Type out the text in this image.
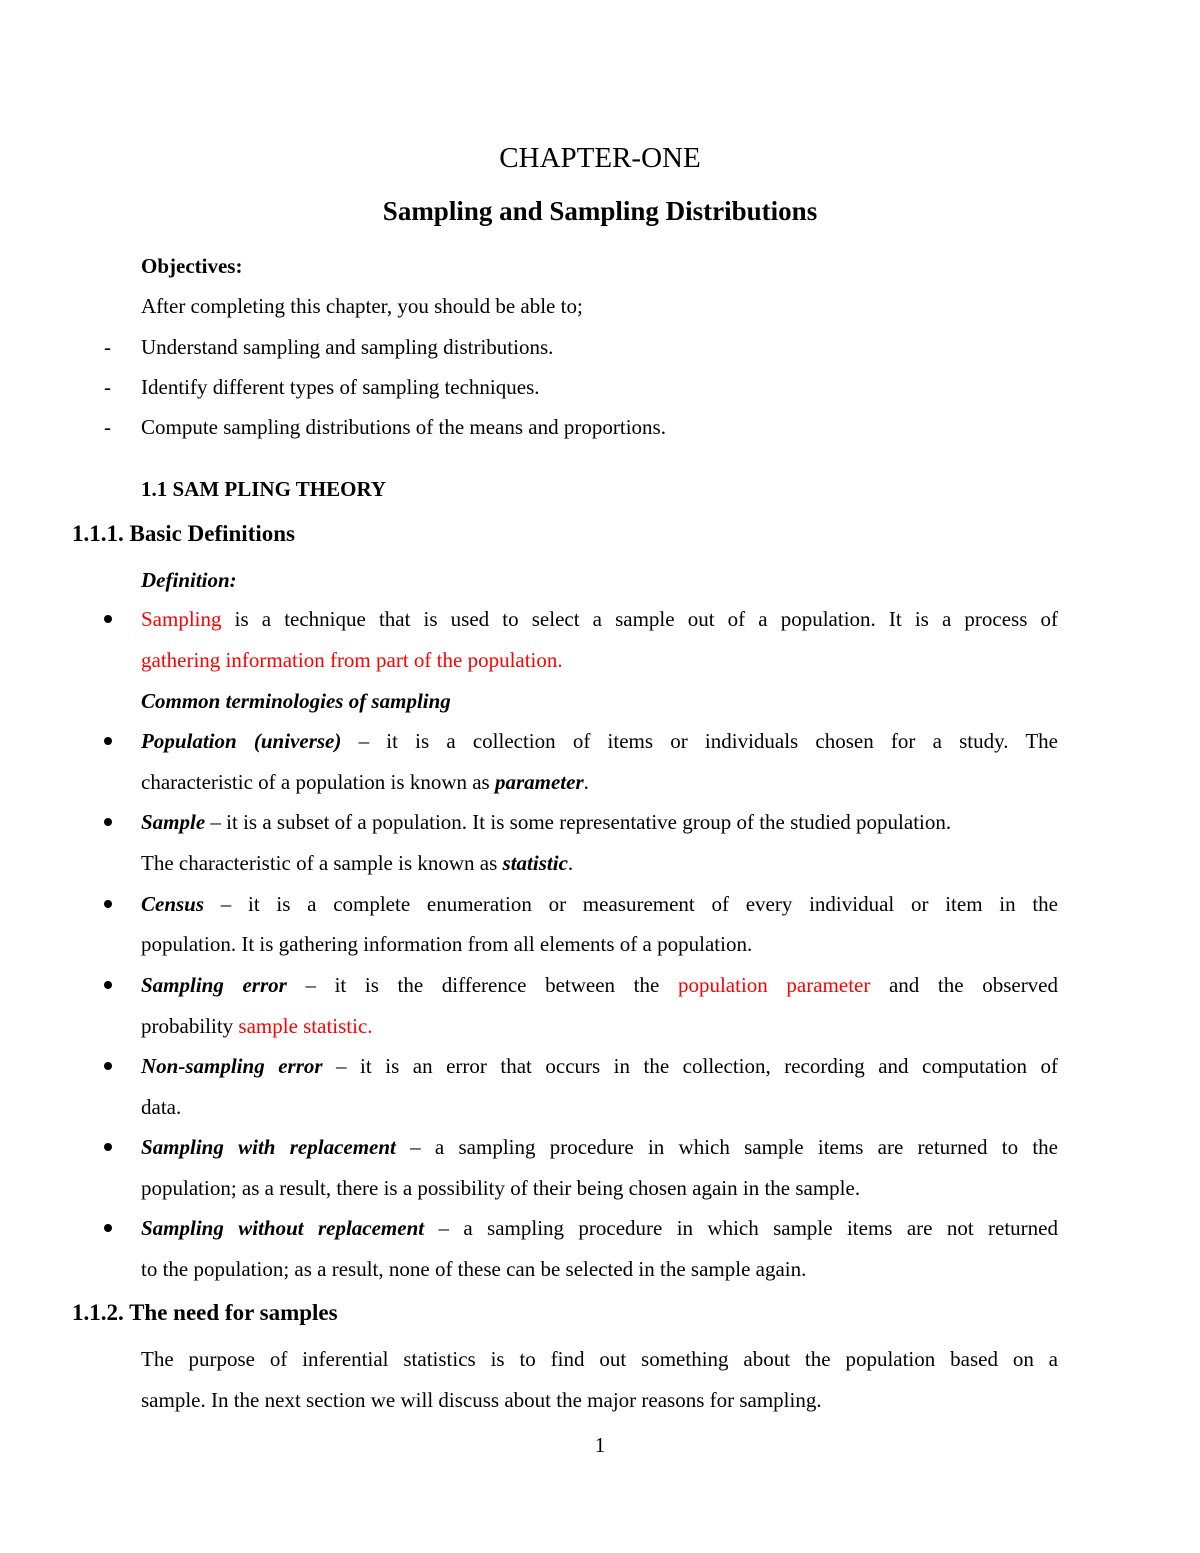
CHAPTER-ONE
Sampling and Sampling Distributions
Objectives:
After completing this chapter, you should be able to;
- Understand sampling and sampling distributions.
- Identify different types of sampling techniques.
- Compute sampling distributions of the means and proportions.
1.1 SAM PLING THEORY
1.1.1. Basic Definitions
Definition:
Sampling is a technique that is used to select a sample out of a population. It is a process of
gathering information from part of the population.
Common terminologies of sampling
Population (universe) – it is a collection of items or individuals chosen for a study. The
characteristic of a population is known as parameter.
Sample – it is a subset of a population. It is some representative group of the studied population.
The characteristic of a sample is known as statistic.
Census – it is a complete enumeration or measurement of every individual or item in the
population. It is gathering information from all elements of a population.
Sampling error – it is the difference between the population parameter and the observed
probability sample statistic.
Non-sampling error – it is an error that occurs in the collection, recording and computation of
data.
Sampling with replacement – a sampling procedure in which sample items are returned to the
population; as a result, there is a possibility of their being chosen again in the sample.
Sampling without replacement – a sampling procedure in which sample items are not returned
to the population; as a result, none of these can be selected in the sample again.
1.1.2. The need for samples
The purpose of inferential statistics is to find out something about the population based on a
sample. In the next section we will discuss about the major reasons for sampling.
1
